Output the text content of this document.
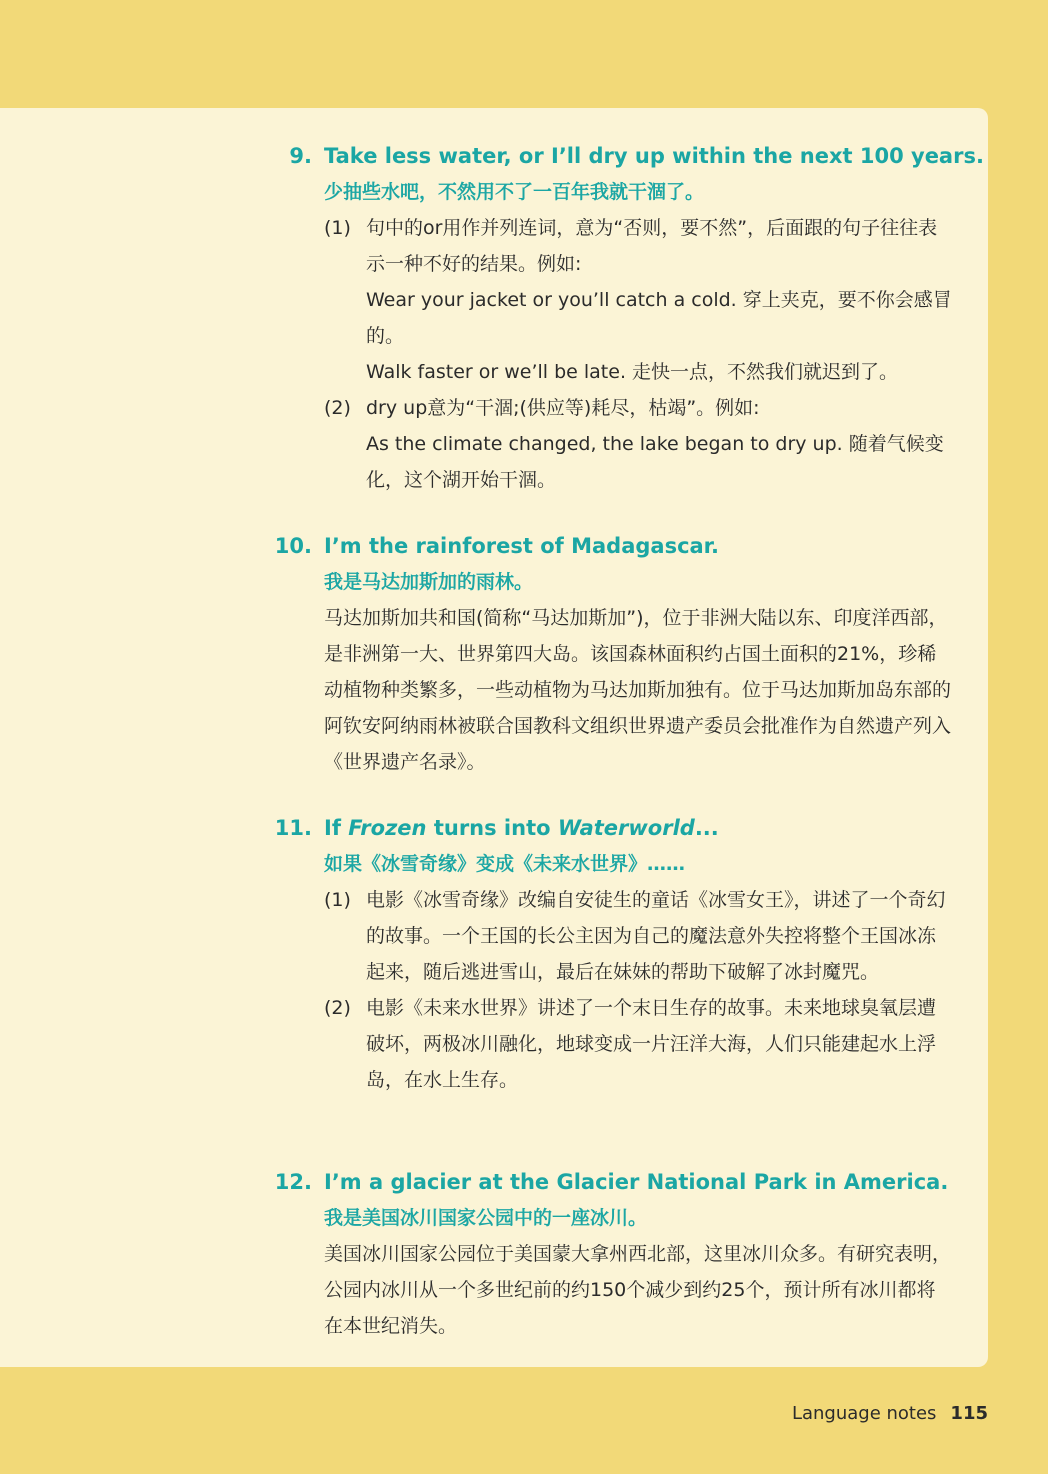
9. Take less water, or I’ll dry up within the next 100 years.
少抽些水吧，不然用不了一百年我就干涸了。
(1) 句中的or用作并列连词，意为“否则，要不然”，后面跟的句子往往表示一种不好的结果。例如:
Wear your jacket or you’ll catch a cold. 穿上夹克，要不你会感冒的。
Walk faster or we’ll be late. 走快一点，不然我们就迟到了。
(2) dry up意为“干涸;(供应等)耗尽，枯竭”。例如:
As the climate changed, the lake began to dry up. 随着气候变化，这个湖开始干涸。
10. I’m the rainforest of Madagascar.
我是马达加斯加的雨林。
马达加斯加共和国(简称“马达加斯加”)，位于非洲大陆以东、印度洋西部，是非洲第一大、世界第四大岛。该国森林面积约占国土面积的21%，珍稀动植物种类繁多，一些动植物为马达加斯加独有。位于马达加斯加岛东部的阿钦安阿纳雨林被联合国教科文组织世界遗产委员会批准作为自然遗产列入《世界遗产名录》。
11. If Frozen turns into Waterworld...
如果《冰雪奇缘》变成《未来水世界》……
(1) 电影《冰雪奇缘》改编自安徒生的童话《冰雪女王》，讲述了一个奇幻的故事。一个王国的长公主因为自己的魔法意外失控将整个王国冰冻起来，随后逃进雪山，最后在妹妹的帮助下破解了冰封魔咒。
(2) 电影《未来水世界》讲述了一个末日生存的故事。未来地球臭氧层遭破坏，两极冰川融化，地球变成一片汪洋大海，人们只能建起水上浮岛，在水上生存。
12. I’m a glacier at the Glacier National Park in America.
我是美国冰川国家公园中的一座冰川。
美国冰川国家公园位于美国蒙大拿州西北部，这里冰川众多。有研究表明，公园内冰川从一个多世纪前的约150个减少到约25个，预计所有冰川都将在本世纪消失。
Language notes 115
